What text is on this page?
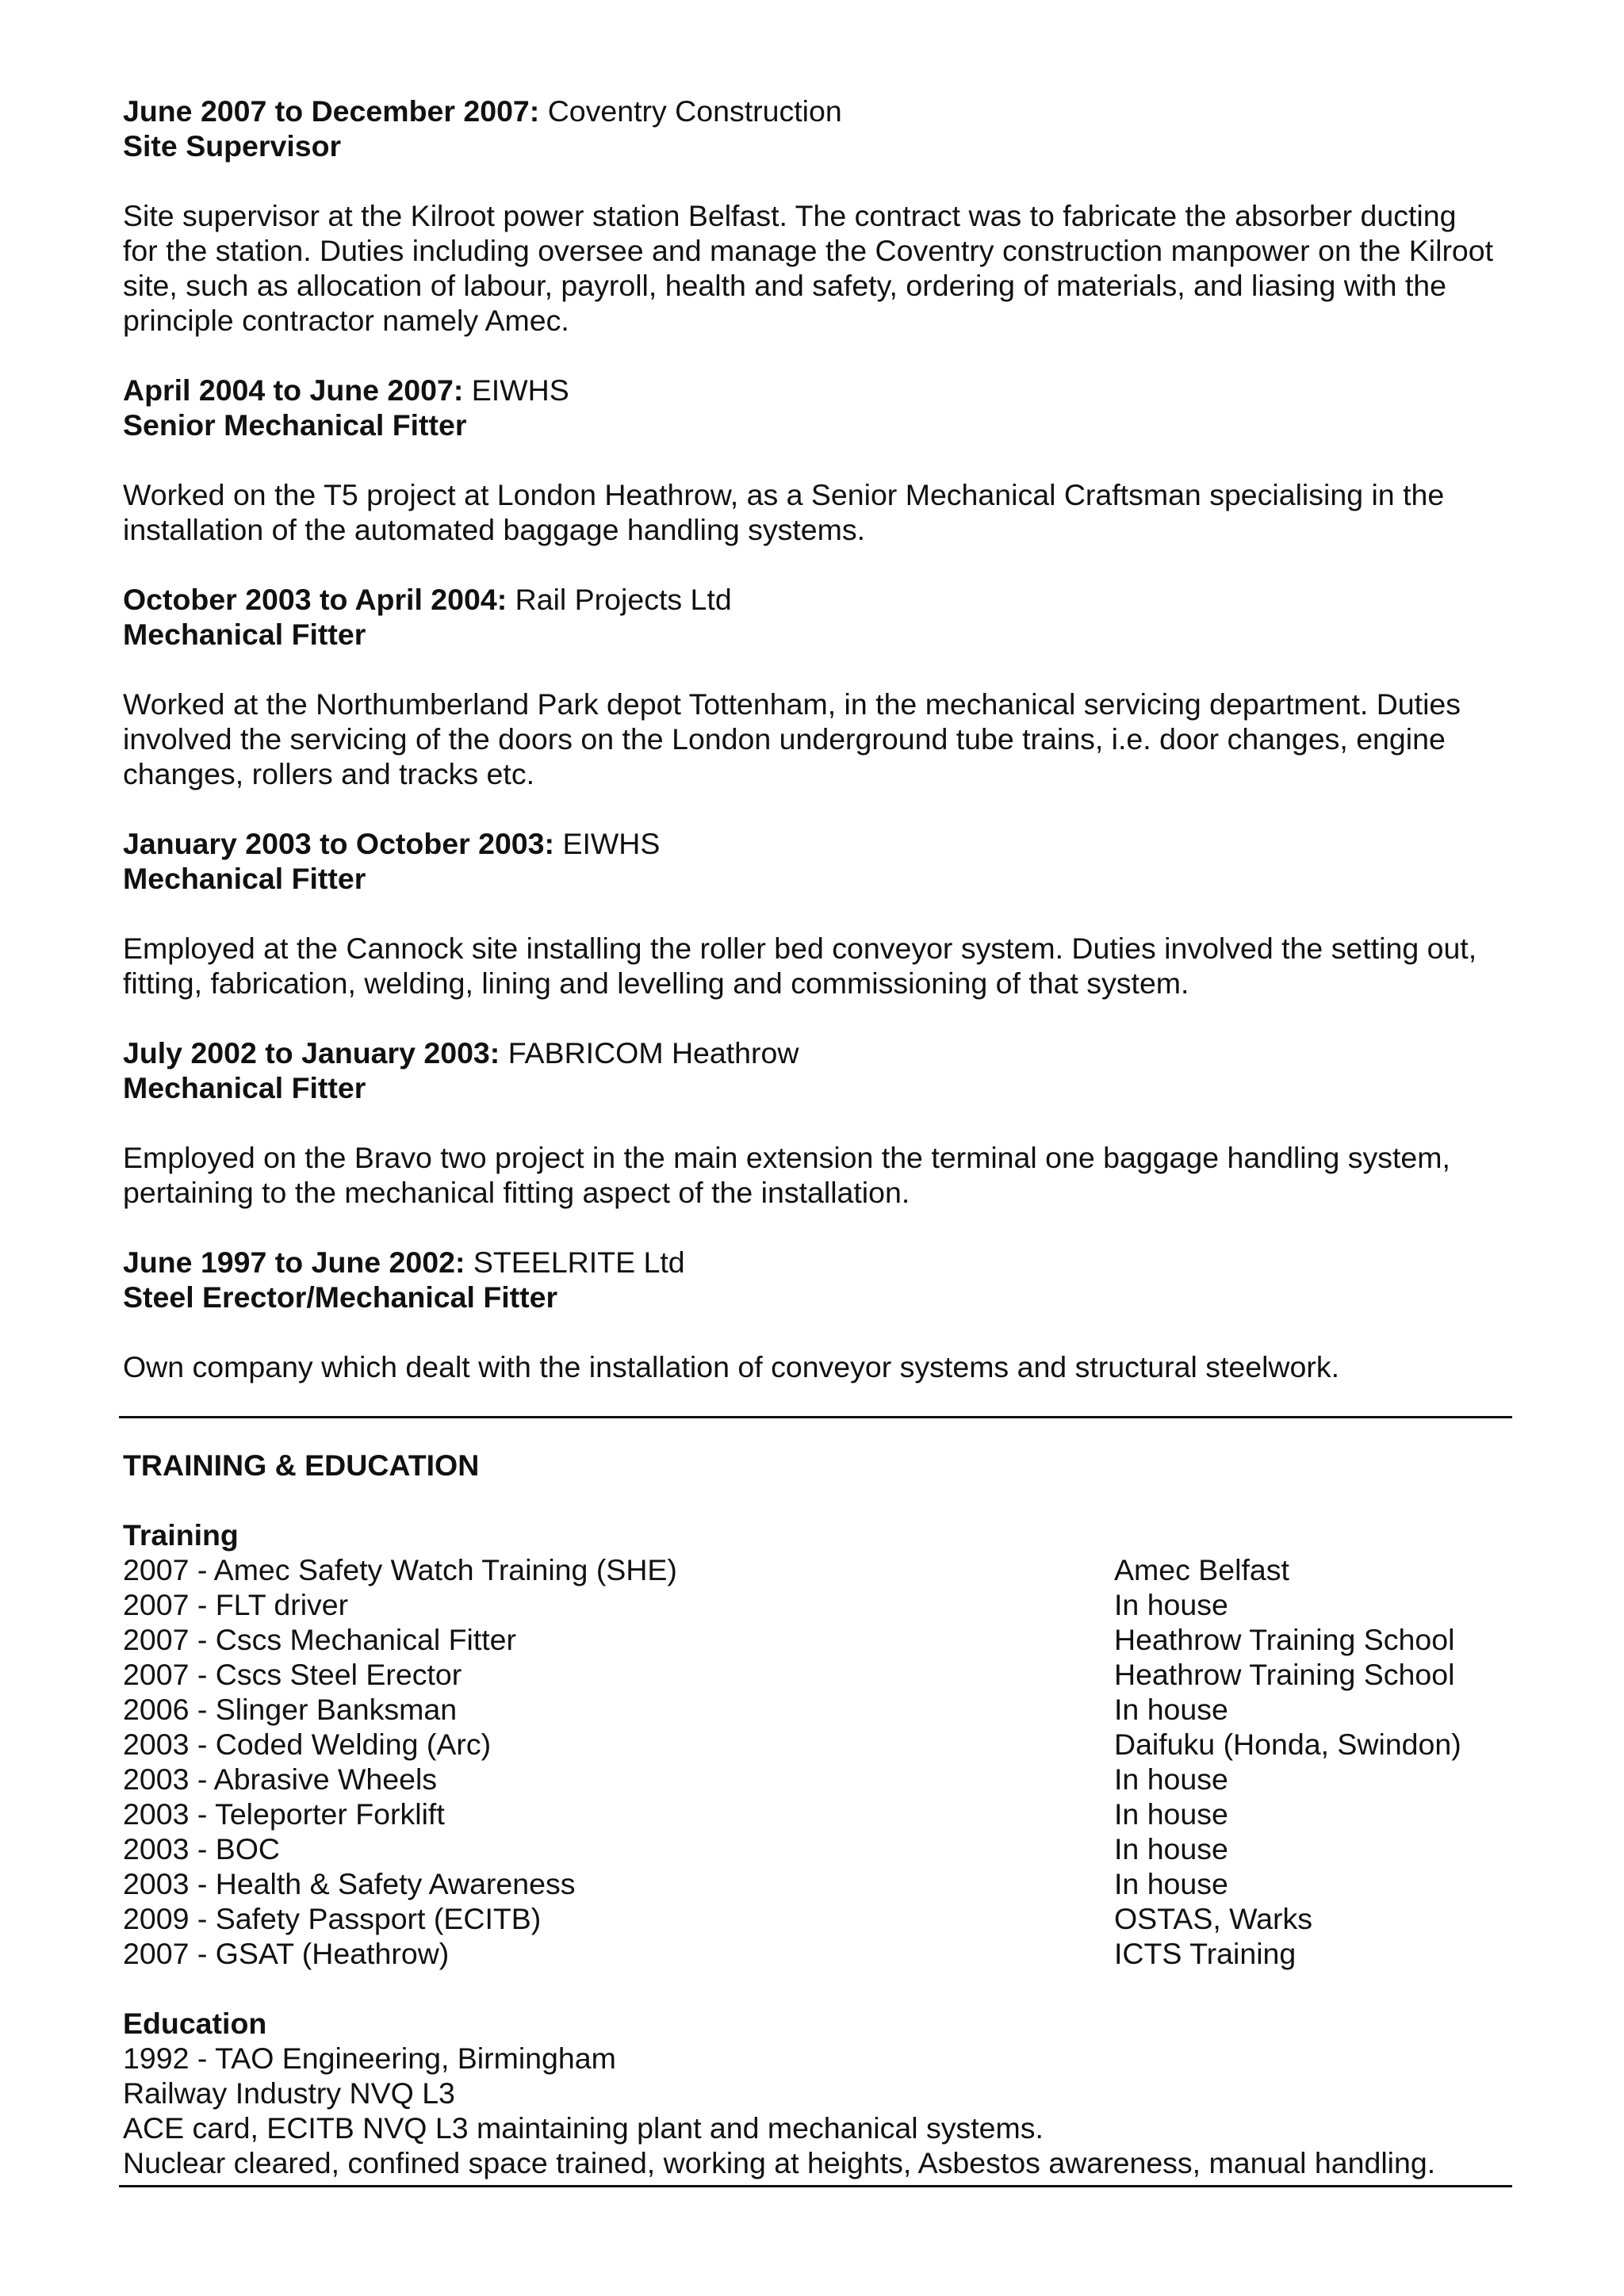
June 2007 to December 2007: Coventry Construction
Site Supervisor
Site supervisor at the Kilroot power station Belfast. The contract was to fabricate the absorber ducting for the station. Duties including oversee and manage the Coventry construction manpower on the Kilroot site, such as allocation of labour, payroll, health and safety, ordering of materials, and liasing with the principle contractor namely Amec.
April 2004 to June 2007: EIWHS
Senior Mechanical Fitter
Worked on the T5 project at London Heathrow, as a Senior Mechanical Craftsman specialising in the installation of the automated baggage handling systems.
October 2003 to April 2004: Rail Projects Ltd
Mechanical Fitter
Worked at the Northumberland Park depot Tottenham, in the mechanical servicing department. Duties involved the servicing of the doors on the London underground tube trains, i.e. door changes, engine changes, rollers and tracks etc.
January 2003 to October 2003: EIWHS
Mechanical Fitter
Employed at the Cannock site installing the roller bed conveyor system. Duties involved the setting out, fitting, fabrication, welding, lining and levelling and commissioning of that system.
July 2002 to January 2003: FABRICOM Heathrow
Mechanical Fitter
Employed on the Bravo two project in the main extension the terminal one baggage handling system, pertaining to the mechanical fitting aspect of the installation.
June 1997 to June 2002: STEELRITE Ltd
Steel Erector/Mechanical Fitter
Own company which dealt with the installation of conveyor systems and structural steelwork.
TRAINING & EDUCATION
Training
2007 - Amec Safety Watch Training (SHE)	Amec Belfast
2007 - FLT driver	In house
2007 - Cscs Mechanical Fitter	Heathrow Training School
2007 - Cscs Steel Erector	Heathrow Training School
2006 - Slinger Banksman	In house
2003 - Coded Welding (Arc)	Daifuku (Honda, Swindon)
2003 - Abrasive Wheels	In house
2003 - Teleporter Forklift	In house
2003 - BOC	In house
2003 - Health & Safety Awareness	In house
2009 - Safety Passport (ECITB)	OSTAS, Warks
2007 - GSAT (Heathrow)	ICTS Training
Education
1992 - TAO Engineering, Birmingham
Railway Industry NVQ L3
ACE card, ECITB NVQ L3 maintaining plant and mechanical systems.
Nuclear cleared, confined space trained, working at heights, Asbestos awareness, manual handling.
